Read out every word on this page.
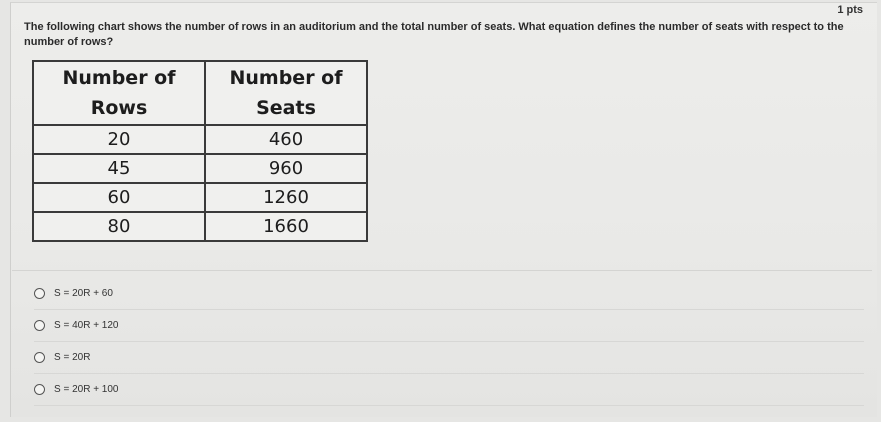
1 pts
The following chart shows the number of rows in an auditorium and the total number of seats. What equation defines the number of seats with respect to the number of rows?
Number of Rows	Number of Seats
20	460
45	960
60	1260
80	1660
S = 20R + 60
S = 40R + 120
S = 20R
S = 20R + 100
